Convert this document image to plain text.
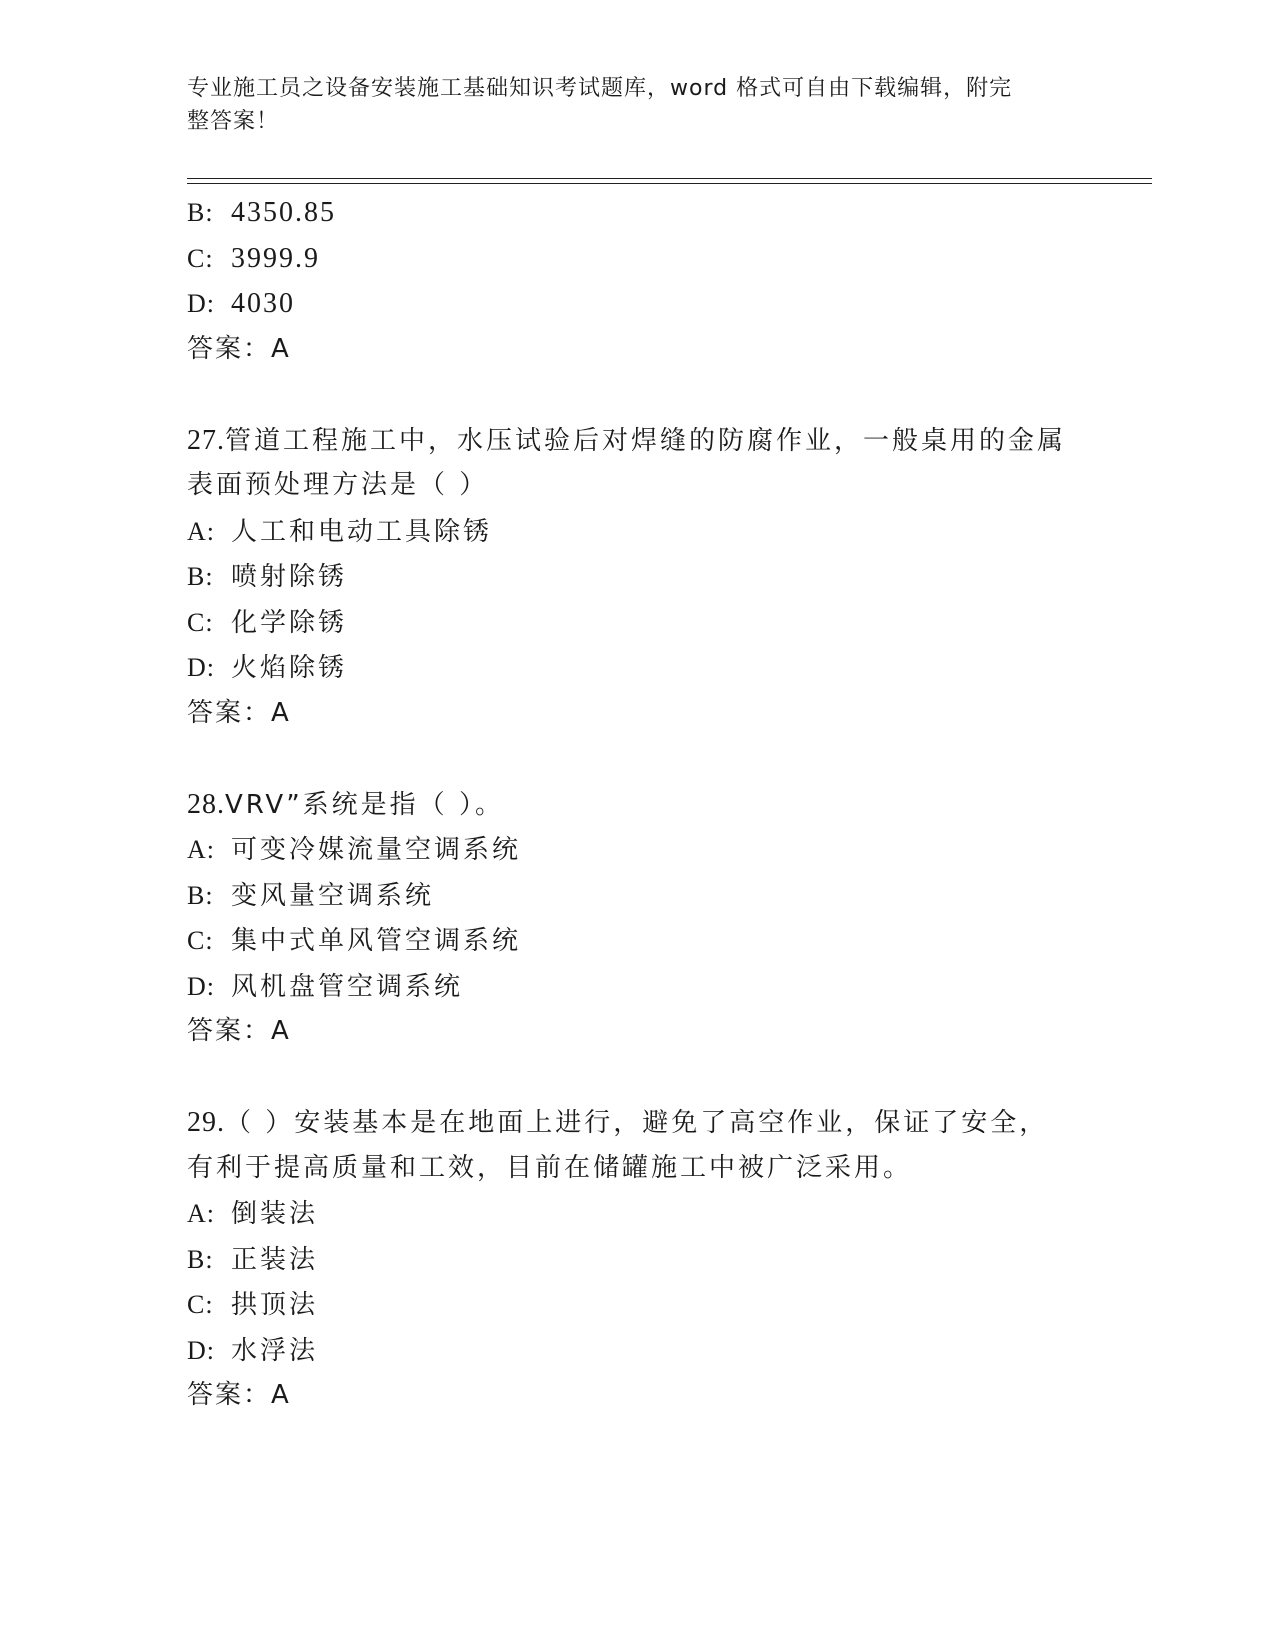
专业施工员之设备安装施工基础知识考试题库，word 格式可自由下载编辑，附完
整答案！
B: 4350.85
C: 3999.9
D: 4030
答案：A
27.管道工程施工中，水压试验后对焊缝的防腐作业，一般桌用的金属
表面预处理方法是（ ）
A: 人工和电动工具除锈
B: 喷射除锈
C: 化学除锈
D: 火焰除锈
答案：A
28.VRV”系统是指（ ）。
A: 可变冷媒流量空调系统
B: 变风量空调系统
C: 集中式单风管空调系统
D: 风机盘管空调系统
答案：A
29.（ ）安装基本是在地面上进行，避免了高空作业，保证了安全，
有利于提高质量和工效，目前在储罐施工中被广泛采用。
A: 倒装法
B: 正装法
C: 拱顶法
D: 水浮法
答案：A
